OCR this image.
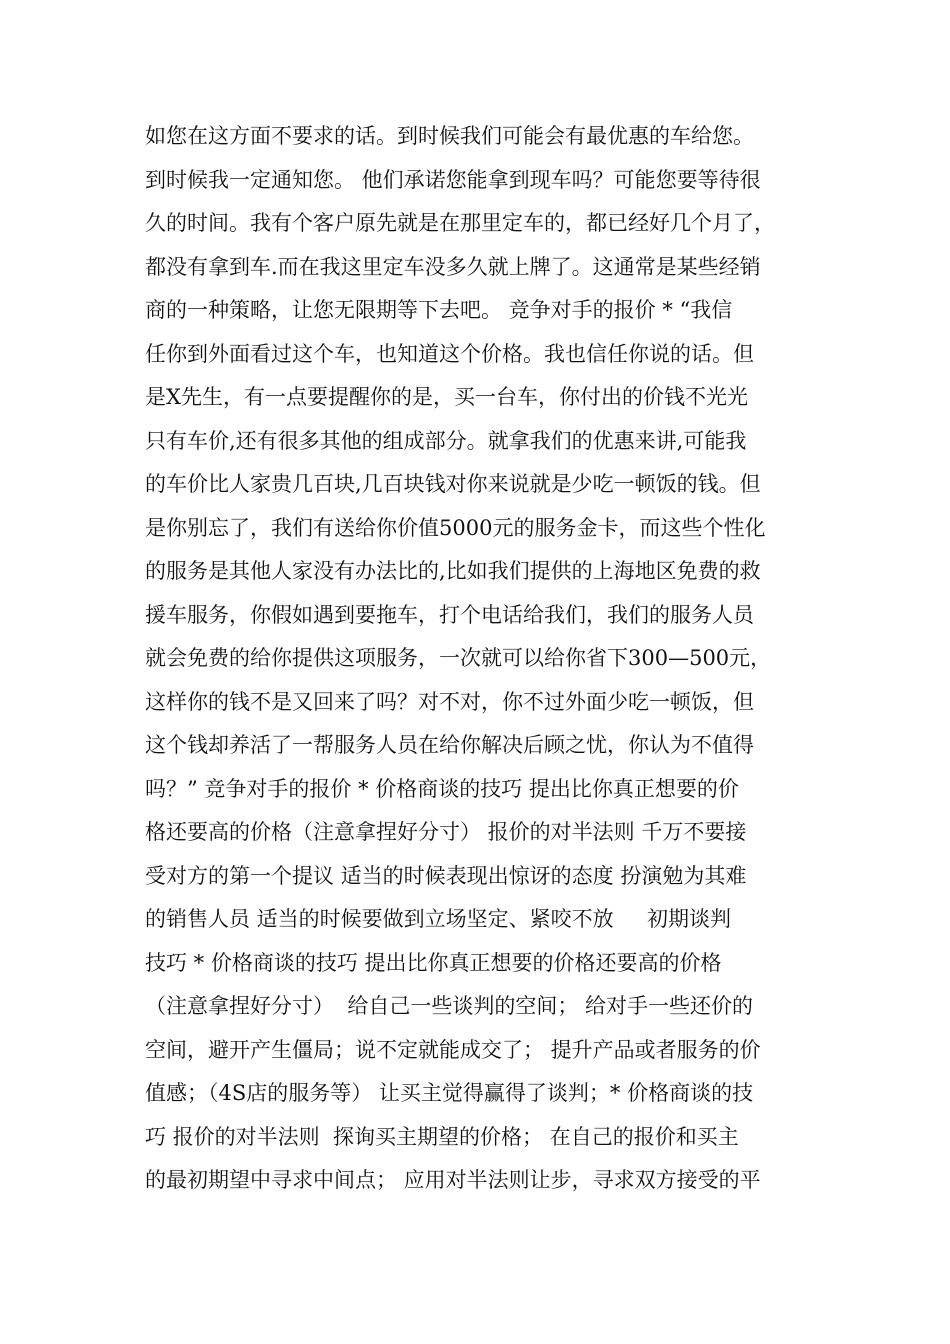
如您在这方面不要求的话。到时候我们可能会有最优惠的车给您。
到时候我一定通知您。 他们承诺您能拿到现车吗？可能您要等待很
久的时间。我有个客户原先就是在那里定车的，都已经好几个月了，
都没有拿到车.而在我这里定车没多久就上牌了。这通常是某些经销
商的一种策略，让您无限期等下去吧。 竞争对手的报价 * “我信
任你到外面看过这个车，也知道这个价格。我也信任你说的话。但
是X先生，有一点要提醒你的是，买一台车，你付出的价钱不光光
只有车价,还有很多其他的组成部分。就拿我们的优惠来讲,可能我
的车价比人家贵几百块,几百块钱对你来说就是少吃一顿饭的钱。但
是你别忘了，我们有送给你价值5000元的服务金卡，而这些个性化
的服务是其他人家没有办法比的,比如我们提供的上海地区免费的救
援车服务，你假如遇到要拖车，打个电话给我们，我们的服务人员
就会免费的给你提供这项服务，一次就可以给你省下300—500元，
这样你的钱不是又回来了吗？对不对，你不过外面少吃一顿饭，但
这个钱却养活了一帮服务人员在给你解决后顾之忧，你认为不值得
吗？” 竞争对手的报价 * 价格商谈的技巧 提出比你真正想要的价
格还要高的价格（注意拿捏好分寸） 报价的对半法则 千万不要接
受对方的第一个提议 适当的时候表现出惊讶的态度 扮演勉为其难
的销售人员 适当的时候要做到立场坚定、紧咬不放     初期谈判
技巧 * 价格商谈的技巧 提出比你真正想要的价格还要高的价格
（注意拿捏好分寸）  给自己一些谈判的空间； 给对手一些还价的
空间，避开产生僵局；说不定就能成交了； 提升产品或者服务的价
值感；（4S店的服务等） 让买主觉得赢得了谈判；* 价格商谈的技
巧 报价的对半法则  探询买主期望的价格； 在自己的报价和买主
的最初期望中寻求中间点； 应用对半法则让步，寻求双方接受的平
